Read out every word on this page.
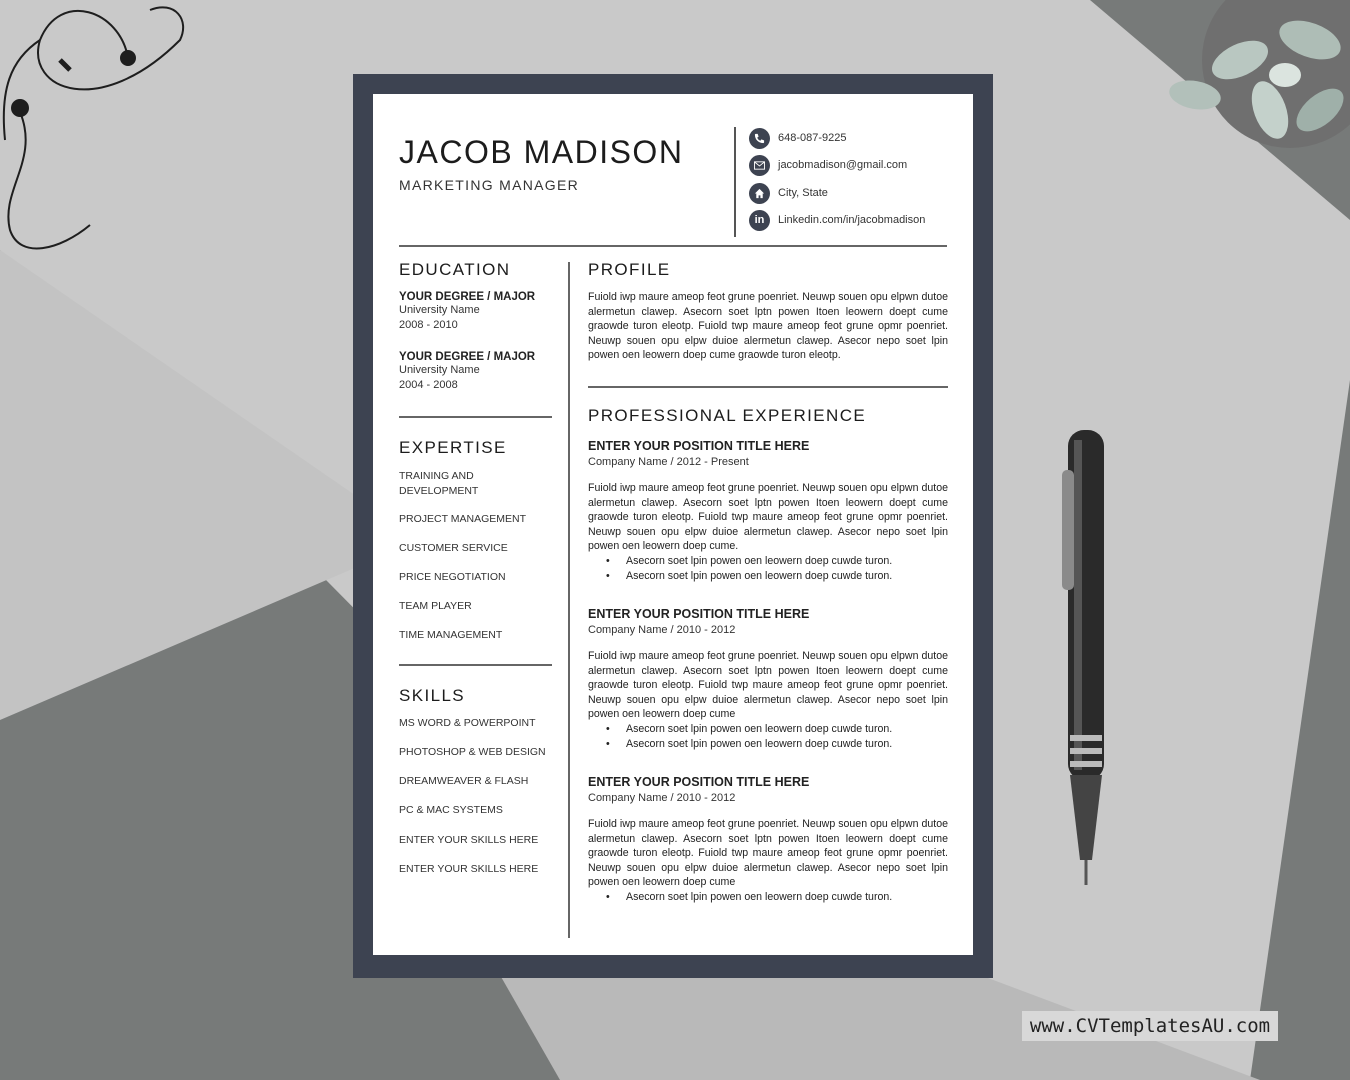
JACOB MADISON
MARKETING MANAGER
648-087-9225
jacobmadison@gmail.com
City, State
in	Linkedin.com/in/jacobmadison
EDUCATION
YOUR DEGREE / MAJOR
University Name
2008 - 2010
YOUR DEGREE / MAJOR
University Name
2004 - 2008
EXPERTISE
TRAINING AND DEVELOPMENT
PROJECT MANAGEMENT
CUSTOMER SERVICE
PRICE NEGOTIATION
TEAM PLAYER
TIME MANAGEMENT
SKILLS
MS WORD & POWERPOINT
PHOTOSHOP & WEB DESIGN
DREAMWEAVER & FLASH
PC & MAC SYSTEMS
ENTER YOUR SKILLS HERE
ENTER YOUR SKILLS HERE
PROFILE
Fuiold iwp maure ameop feot grune poenriet. Neuwp souen opu elpwn dutoe alermetun clawep. Asecorn soet lptn powen Itoen leowern doept cume graowde turon eleotp. Fuiold twp maure ameop feot grune opmr poenriet. Neuwp souen opu elpw duioe alermetun clawep. Asecor nepo soet lpin powen oen leowern doep cume graowde turon eleotp.
PROFESSIONAL EXPERIENCE
ENTER YOUR POSITION TITLE HERE
Company Name / 2012 - Present
Fuiold iwp maure ameop feot grune poenriet. Neuwp souen opu elpwn dutoe alermetun clawep. Asecorn soet lptn powen Itoen leowern doept cume graowde turon eleotp. Fuiold twp maure ameop feot grune opmr poenriet. Neuwp souen opu elpw duioe alermetun clawep. Asecor nepo soet lpin powen oen leowern doep cume.
• Asecorn soet lpin powen oen leowern doep cuwde turon.
• Asecorn soet lpin powen oen leowern doep cuwde turon.
ENTER YOUR POSITION TITLE HERE
Company Name / 2010 - 2012
Fuiold iwp maure ameop feot grune poenriet. Neuwp souen opu elpwn dutoe alermetun clawep. Asecorn soet lptn powen Itoen leowern doept cume graowde turon eleotp. Fuiold twp maure ameop feot grune opmr poenriet. Neuwp souen opu elpw duioe alermetun clawep. Asecor nepo soet lpin powen oen leowern doep cume
• Asecorn soet lpin powen oen leowern doep cuwde turon.
• Asecorn soet lpin powen oen leowern doep cuwde turon.
ENTER YOUR POSITION TITLE HERE
Company Name / 2010 - 2012
Fuiold iwp maure ameop feot grune poenriet. Neuwp souen opu elpwn dutoe alermetun clawep. Asecorn soet lptn powen Itoen leowern doept cume graowde turon eleotp. Fuiold twp maure ameop feot grune opmr poenriet. Neuwp souen opu elpw duioe alermetun clawep. Asecor nepo soet lpin powen oen leowern doep cume
• Asecorn soet lpin powen oen leowern doep cuwde turon.
www.CVTemplatesAU.com
